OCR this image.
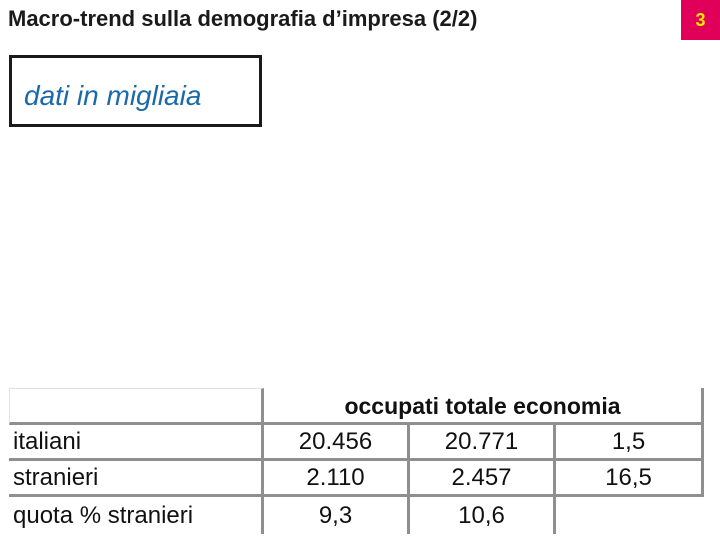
Macro-trend sulla demografia d’impresa (2/2)	3
dati in migliaia
occupati totale economia
italiani	20.456	20.771	1,5
stranieri	2.110	2.457	16,5
quota % stranieri	9,3	10,6
